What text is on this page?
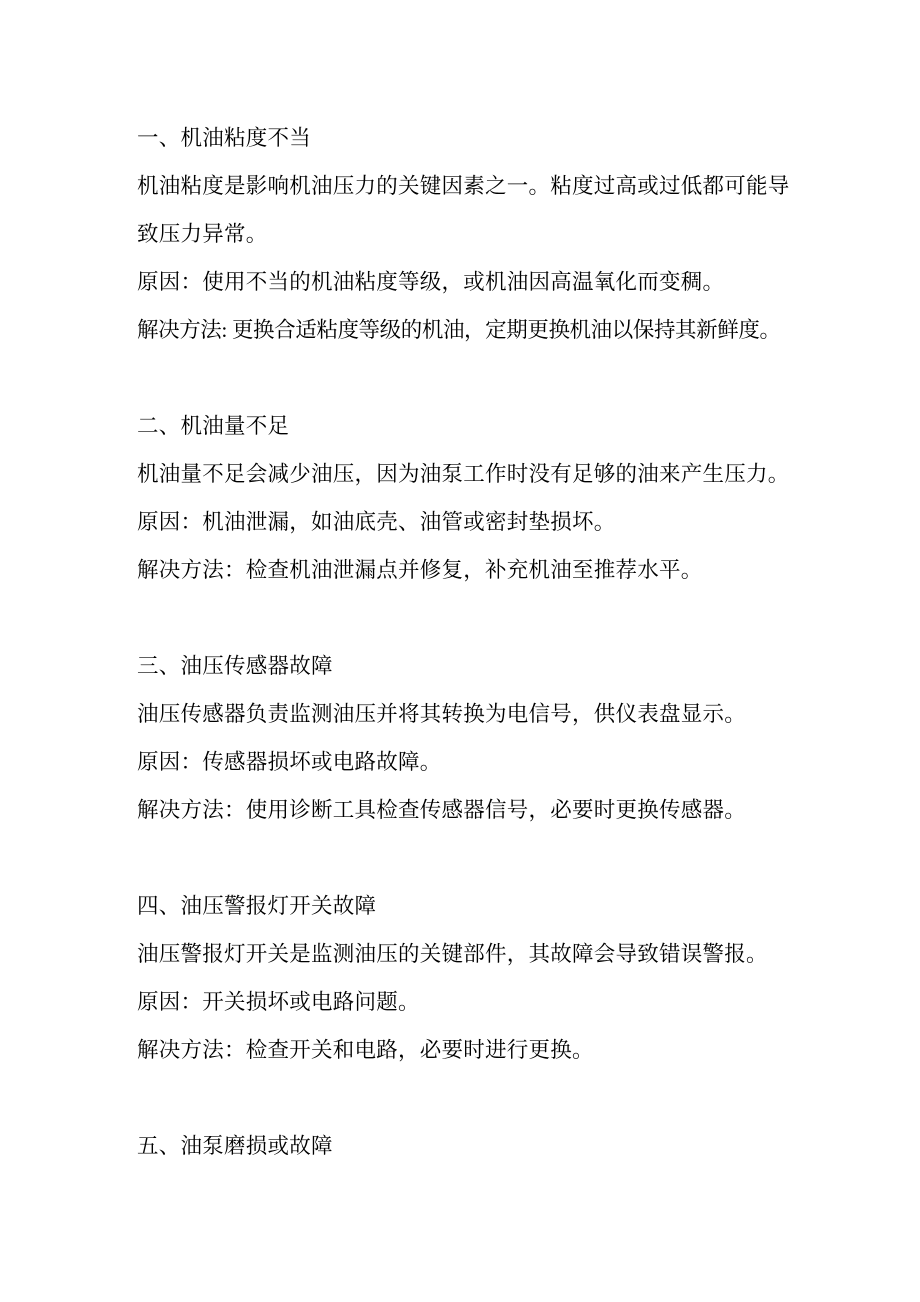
一、机油粘度不当
机油粘度是影响机油压力的关键因素之一。粘度过高或过低都可能导
致压力异常。
原因：使用不当的机油粘度等级，或机油因高温氧化而变稠。
解决方法: 更换合适粘度等级的机油，定期更换机油以保持其新鲜度。
二、机油量不足
机油量不足会减少油压，因为油泵工作时没有足够的油来产生压力。
原因：机油泄漏，如油底壳、油管或密封垫损坏。
解决方法：检查机油泄漏点并修复，补充机油至推荐水平。
三、油压传感器故障
油压传感器负责监测油压并将其转换为电信号，供仪表盘显示。
原因：传感器损坏或电路故障。
解决方法：使用诊断工具检查传感器信号，必要时更换传感器。
四、油压警报灯开关故障
油压警报灯开关是监测油压的关键部件，其故障会导致错误警报。
原因：开关损坏或电路问题。
解决方法：检查开关和电路，必要时进行更换。
五、油泵磨损或故障
